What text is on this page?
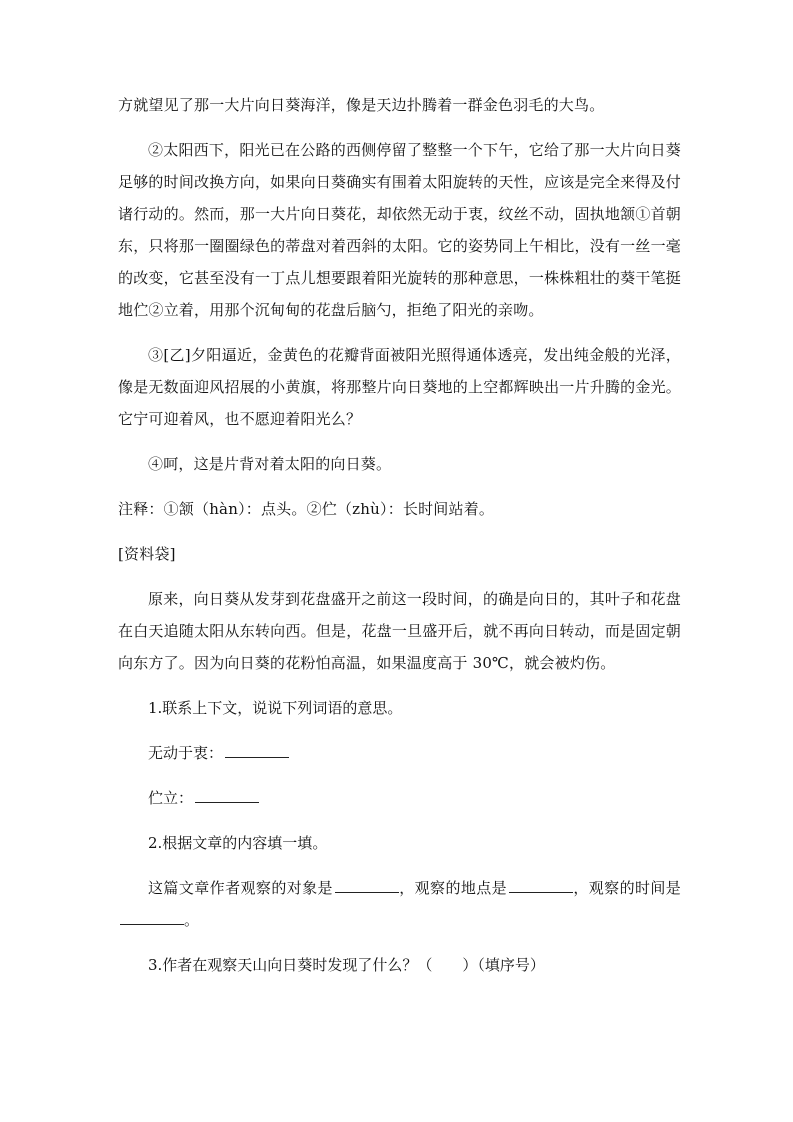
方就望见了那一大片向日葵海洋，像是天边扑腾着一群金色羽毛的大鸟。

②太阳西下，阳光已在公路的西侧停留了整整一个下午，它给了那一大片向日葵足够的时间改换方向，如果向日葵确实有围着太阳旋转的天性，应该是完全来得及付诸行动的。然而，那一大片向日葵花，却依然无动于衷，纹丝不动，固执地颔①首朝东，只将那一圈圈绿色的蒂盘对着西斜的太阳。它的姿势同上午相比，没有一丝一毫的改变，它甚至没有一丁点儿想要跟着阳光旋转的那种意思，一株株粗壮的葵干笔挺地伫②立着，用那个沉甸甸的花盘后脑勺，拒绝了阳光的亲吻。

③[乙]夕阳逼近，金黄色的花瓣背面被阳光照得通体透亮，发出纯金般的光泽，像是无数面迎风招展的小黄旗，将那整片向日葵地的上空都辉映出一片升腾的金光。它宁可迎着风，也不愿迎着阳光么？

④呵，这是片背对着太阳的向日葵。

注释：①颔（hàn）：点头。②伫（zhù）：长时间站着。

[资料袋]

原来，向日葵从发芽到花盘盛开之前这一段时间，的确是向日的，其叶子和花盘在白天追随太阳从东转向西。但是，花盘一旦盛开后，就不再向日转动，而是固定朝向东方了。因为向日葵的花粉怕高温，如果温度高于 30℃，就会被灼伤。

1.联系上下文，说说下列词语的意思。

无动于衷：

伫立：

2.根据文章的内容填一填。

这篇文章作者观察的对象是	，观察的地点是	，观察的时间是。

3.作者在观察天山向日葵时发现了什么？（　　）（填序号）
